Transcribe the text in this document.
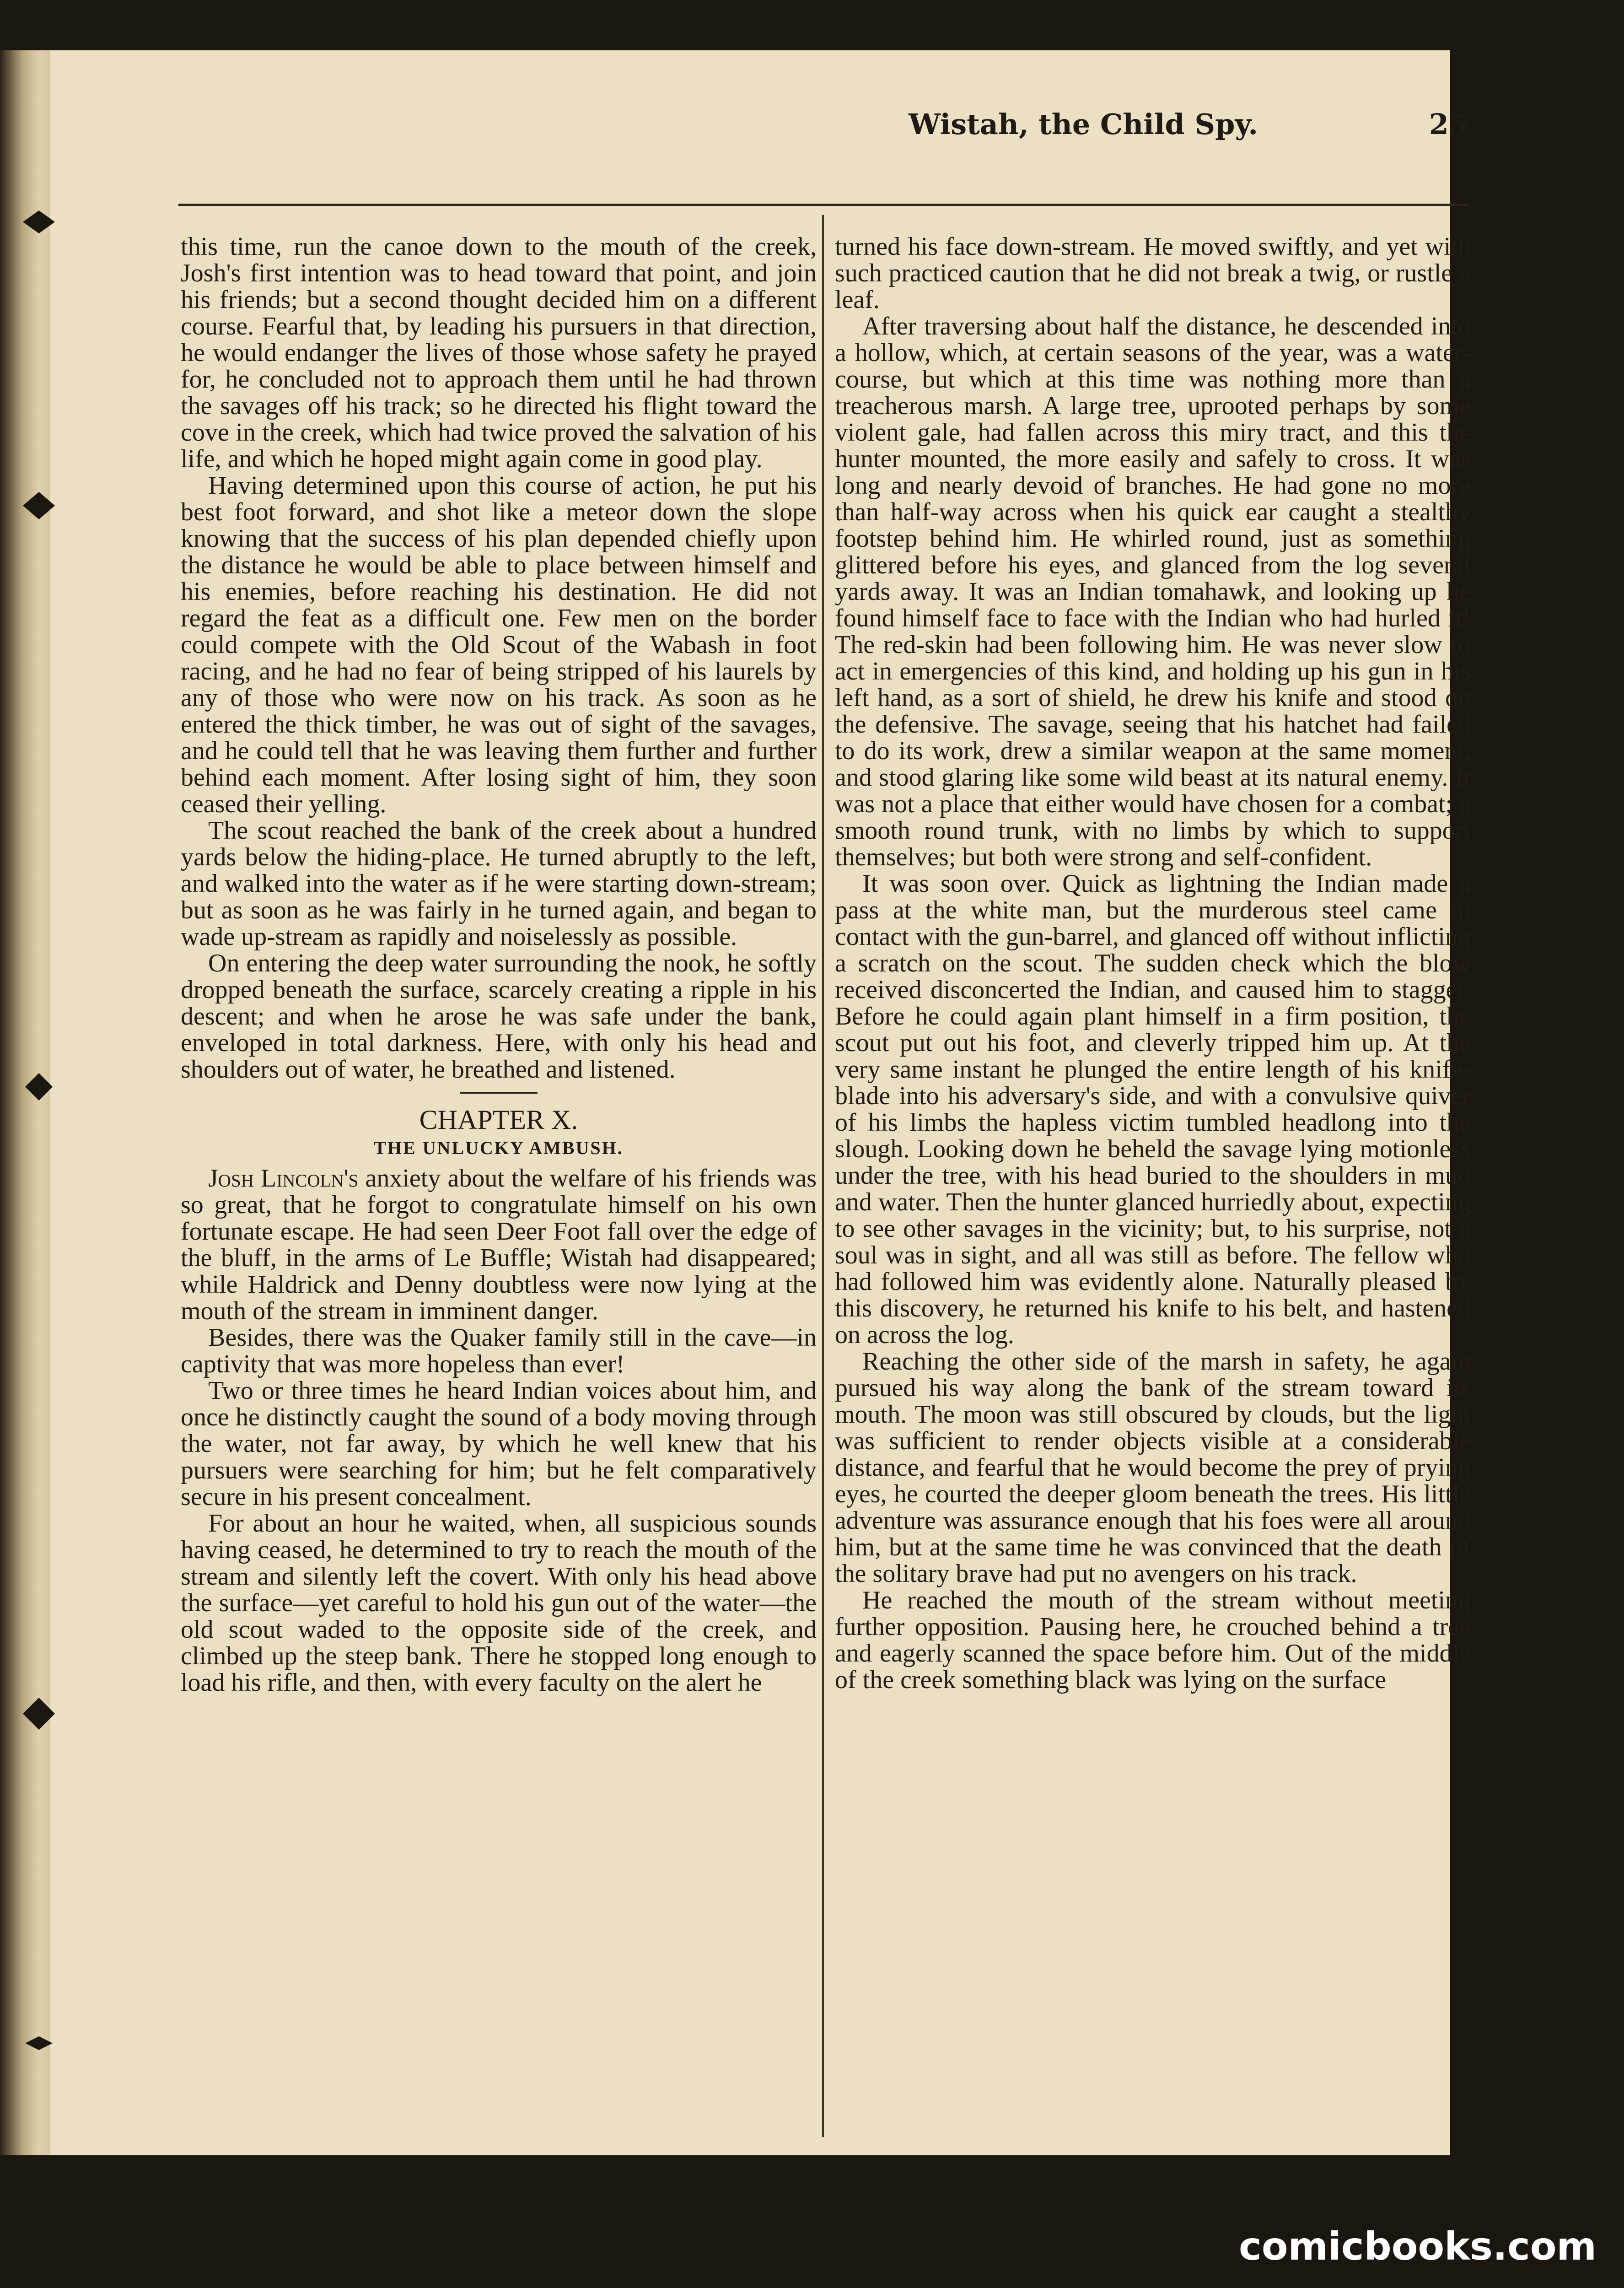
Wistah, the Child Spy.	25

this time, run the canoe down to the mouth of the creek, Josh's first intention was to head toward that point, and join his friends; but a second thought decided him on a different course. Fearful that, by leading his pursuers in that direction, he would endanger the lives of those whose safety he prayed for, he concluded not to approach them until he had thrown the savages off his track; so he directed his flight toward the cove in the creek, which had twice proved the salvation of his life, and which he hoped might again come in good play.

Having determined upon this course of action, he put his best foot forward, and shot like a meteor down the slope knowing that the success of his plan depended chiefly upon the distance he would be able to place between himself and his enemies, before reaching his destination. He did not regard the feat as a difficult one. Few men on the border could compete with the Old Scout of the Wabash in foot racing, and he had no fear of being stripped of his laurels by any of those who were now on his track. As soon as he entered the thick timber, he was out of sight of the savages, and he could tell that he was leaving them further and further behind each moment. After losing sight of him, they soon ceased their yelling.

The scout reached the bank of the creek about a hundred yards below the hiding-place. He turned abruptly to the left, and walked into the water as if he were starting down-stream; but as soon as he was fairly in he turned again, and began to wade up-stream as rapidly and noiselessly as possible.

On entering the deep water surrounding the nook, he softly dropped beneath the surface, scarcely creating a ripple in his descent; and when he arose he was safe under the bank, enveloped in total darkness. Here, with only his head and shoulders out of water, he breathed and listened.

CHAPTER X.
THE UNLUCKY AMBUSH.

Josh Lincoln's anxiety about the welfare of his friends was so great, that he forgot to congratulate himself on his own fortunate escape. He had seen Deer Foot fall over the edge of the bluff, in the arms of Le Buffle; Wistah had disappeared; while Haldrick and Denny doubtless were now lying at the mouth of the stream in imminent danger.

Besides, there was the Quaker family still in the cave—in captivity that was more hopeless than ever!

Two or three times he heard Indian voices about him, and once he distinctly caught the sound of a body moving through the water, not far away, by which he well knew that his pursuers were searching for him; but he felt comparatively secure in his present concealment.

For about an hour he waited, when, all suspicious sounds having ceased, he determined to try to reach the mouth of the stream and silently left the covert. With only his head above the surface—yet careful to hold his gun out of the water—the old scout waded to the opposite side of the creek, and climbed up the steep bank. There he stopped long enough to load his rifle, and then, with every faculty on the alert he

turned his face down-stream. He moved swiftly, and yet with such practiced caution that he did not break a twig, or rustle a leaf.

After traversing about half the distance, he descended into a hollow, which, at certain seasons of the year, was a water-course, but which at this time was nothing more than a treacherous marsh. A large tree, uprooted perhaps by some violent gale, had fallen across this miry tract, and this the hunter mounted, the more easily and safely to cross. It was long and nearly devoid of branches. He had gone no more than half-way across when his quick ear caught a stealthy footstep behind him. He whirled round, just as something glittered before his eyes, and glanced from the log several yards away. It was an Indian tomahawk, and looking up he found himself face to face with the Indian who had hurled it! The red-skin had been following him. He was never slow to act in emergencies of this kind, and holding up his gun in his left hand, as a sort of shield, he drew his knife and stood on the defensive. The savage, seeing that his hatchet had failed to do its work, drew a similar weapon at the same moment, and stood glaring like some wild beast at its natural enemy. It was not a place that either would have chosen for a combat; a smooth round trunk, with no limbs by which to support themselves; but both were strong and self-confident.

It was soon over. Quick as lightning the Indian made a pass at the white man, but the murderous steel came in contact with the gun-barrel, and glanced off without inflicting a scratch on the scout. The sudden check which the blow received disconcerted the Indian, and caused him to stagger. Before he could again plant himself in a firm position, the scout put out his foot, and cleverly tripped him up. At the very same instant he plunged the entire length of his knife-blade into his adversary's side, and with a convulsive quiver of his limbs the hapless victim tumbled headlong into the slough. Looking down he beheld the savage lying motionless under the tree, with his head buried to the shoulders in mud and water. Then the hunter glanced hurriedly about, expecting to see other savages in the vicinity; but, to his surprise, not a soul was in sight, and all was still as before. The fellow who had followed him was evidently alone. Naturally pleased by this discovery, he returned his knife to his belt, and hastened on across the log.

Reaching the other side of the marsh in safety, he again pursued his way along the bank of the stream toward its mouth. The moon was still obscured by clouds, but the light was sufficient to render objects visible at a considerable distance, and fearful that he would become the prey of prying eyes, he courted the deeper gloom beneath the trees. His little adventure was assurance enough that his foes were all around him, but at the same time he was convinced that the death of the solitary brave had put no avengers on his track.

He reached the mouth of the stream without meeting further opposition. Pausing here, he crouched behind a tree and eagerly scanned the space before him. Out of the middle of the creek something black was lying on the surface

comicbooks.com
